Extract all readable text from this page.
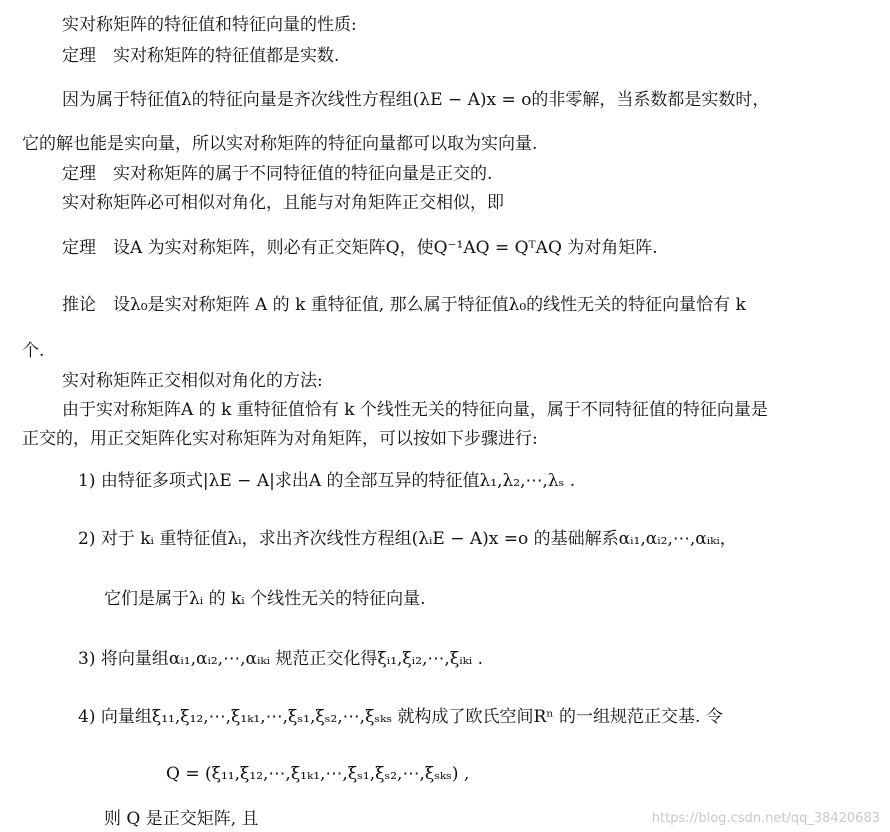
实对称矩阵的特征值和特征向量的性质:
定理　实对称矩阵的特征值都是实数.
因为属于特征值λ的特征向量是齐次线性方程组(λE − A)x = o的非零解，当系数都是实数时，
它的解也能是实向量，所以实对称矩阵的特征向量都可以取为实向量.
定理　实对称矩阵的属于不同特征值的特征向量是正交的.
实对称矩阵必可相似对角化，且能与对角矩阵正交相似，即
定理　设A 为实对称矩阵，则必有正交矩阵Q，使Q⁻¹AQ = QᵀAQ 为对角矩阵.
推论　设λ₀是实对称矩阵 A 的 k 重特征值, 那么属于特征值λ₀的线性无关的特征向量恰有 k
个.
实对称矩阵正交相似对角化的方法:
由于实对称矩阵A 的 k 重特征值恰有 k 个线性无关的特征向量，属于不同特征值的特征向量是
正交的，用正交矩阵化实对称矩阵为对角矩阵，可以按如下步骤进行:
1) 由特征多项式|λE − A|求出A 的全部互异的特征值λ₁,λ₂,⋯,λₛ .
2) 对于 kᵢ 重特征值λᵢ，求出齐次线性方程组(λᵢE − A)x =o 的基础解系αᵢ₁,αᵢ₂,⋯,αᵢₖᵢ，
它们是属于λᵢ 的 kᵢ 个线性无关的特征向量.
3) 将向量组αᵢ₁,αᵢ₂,⋯,αᵢₖᵢ 规范正交化得ξᵢ₁,ξᵢ₂,⋯,ξᵢₖᵢ .
4) 向量组ξ₁₁,ξ₁₂,⋯,ξ₁ₖ₁,⋯,ξₛ₁,ξₛ₂,⋯,ξₛₖₛ 就构成了欧氏空间Rⁿ 的一组规范正交基. 令
Q = (ξ₁₁,ξ₁₂,⋯,ξ₁ₖ₁,⋯,ξₛ₁,ξₛ₂,⋯,ξₛₖₛ) ,
则 Q 是正交矩阵, 且	https://blog.csdn.net/qq_38420683
